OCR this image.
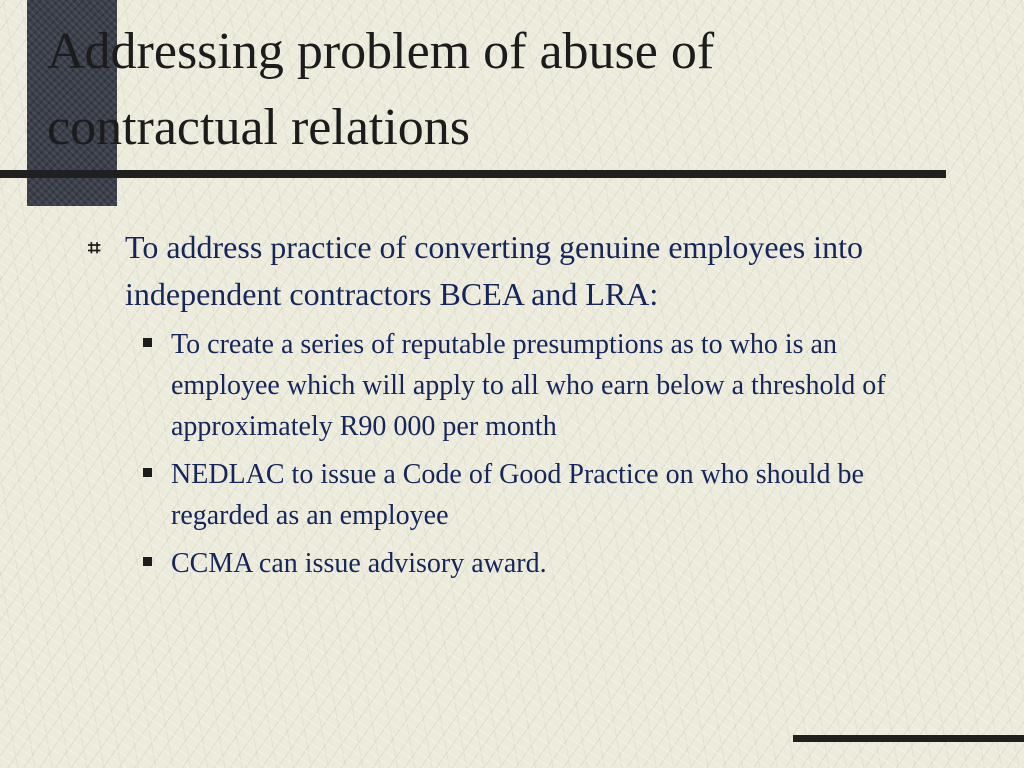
Addressing problem of abuse of contractual relations
⌗ To address practice of converting genuine employees into independent contractors BCEA and LRA:
To create a series of reputable presumptions as to who is an employee which will apply to all who earn below a threshold of approximately R90 000 per month
NEDLAC to issue a Code of Good Practice on who should be regarded as an employee
CCMA can issue advisory award.
